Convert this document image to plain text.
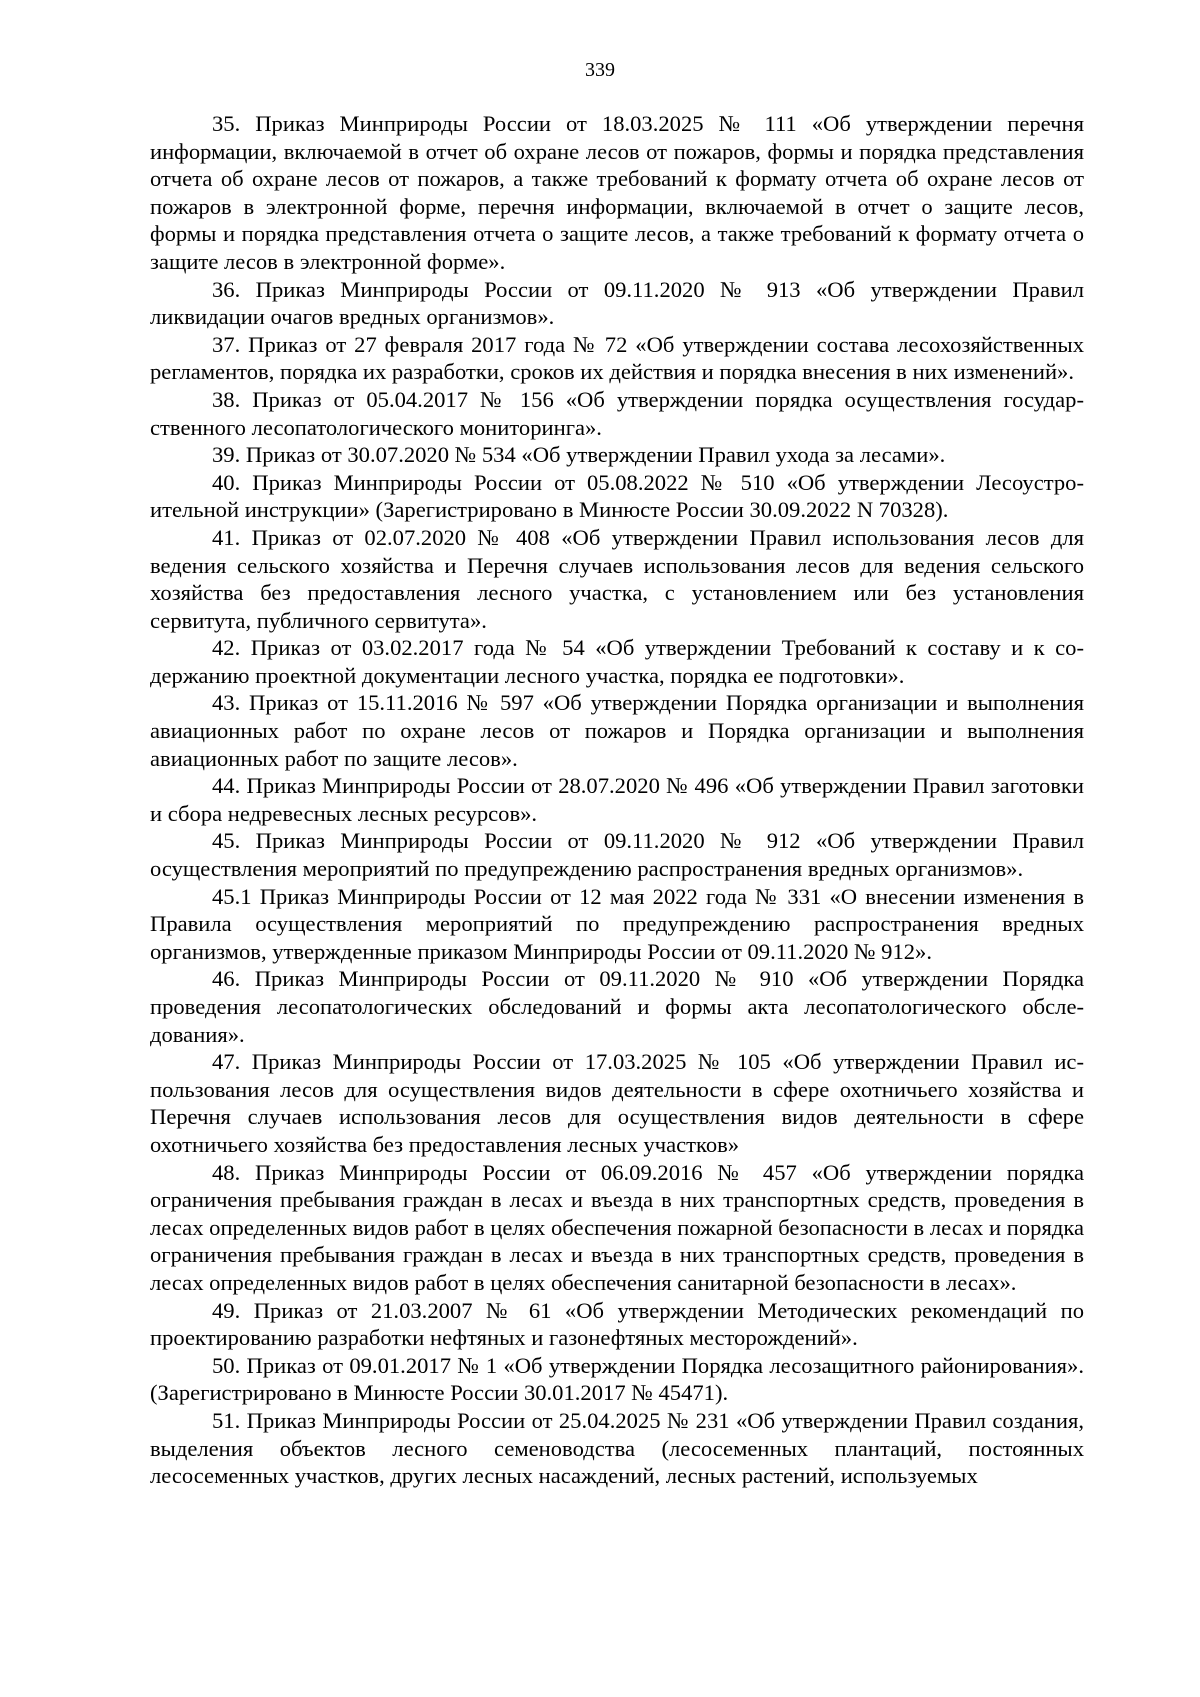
339

35. Приказ Минприроды России от 18.03.2025 № 111 «Об утверждении перечня информации, включаемой в отчет об охране лесов от пожаров, формы и порядка представления отчета об охране лесов от пожаров, а также требований к формату отчета об охране лесов от пожаров в электронной форме, перечня информации, включаемой в отчет о защите лесов, формы и порядка представления отчета о защите лесов, а также требований к формату отчета о защите лесов в электронной форме».

36. Приказ Минприроды России от 09.11.2020 № 913 «Об утверждении Правил ликвидации очагов вредных организмов».

37. Приказ от 27 февраля 2017 года № 72 «Об утверждении состава лесохозяйственных регламентов, порядка их разработки, сроков их действия и порядка внесения в них изменений».

38. Приказ от 05.04.2017 № 156 «Об утверждении порядка осуществления государственного лесопатологического мониторинга».

39. Приказ от 30.07.2020 № 534 «Об утверждении Правил ухода за лесами».

40. Приказ Минприроды России от 05.08.2022 № 510 «Об утверждении Лесоустроительной инструкции» (Зарегистрировано в Минюсте России 30.09.2022 N 70328).

41. Приказ от 02.07.2020 № 408 «Об утверждении Правил использования лесов для ведения сельского хозяйства и Перечня случаев использования лесов для ведения сельского хозяйства без предоставления лесного участка, с установлением или без установления сервитута, публичного сервитута».

42. Приказ от 03.02.2017 года № 54 «Об утверждении Требований к составу и к содержанию проектной документации лесного участка, порядка ее подготовки».

43. Приказ от 15.11.2016 № 597 «Об утверждении Порядка организации и выполнения авиационных работ по охране лесов от пожаров и Порядка организации и выполнения авиационных работ по защите лесов».

44. Приказ Минприроды России от 28.07.2020 № 496 «Об утверждении Правил заготовки и сбора недревесных лесных ресурсов».

45. Приказ Минприроды России от 09.11.2020 № 912 «Об утверждении Правил осуществления мероприятий по предупреждению распространения вредных организмов».

45.1 Приказ Минприроды России от 12 мая 2022 года № 331 «О внесении изменения в Правила осуществления мероприятий по предупреждению распространения вредных организмов, утвержденные приказом Минприроды России от 09.11.2020 № 912».

46. Приказ Минприроды России от 09.11.2020 № 910 «Об утверждении Порядка проведения лесопатологических обследований и формы акта лесопатологического обследования».

47. Приказ Минприроды России от 17.03.2025 № 105 «Об утверждении Правил использования лесов для осуществления видов деятельности в сфере охотничьего хозяйства и Перечня случаев использования лесов для осуществления видов деятельности в сфере охотничьего хозяйства без предоставления лесных участков»

48. Приказ Минприроды России от 06.09.2016 № 457 «Об утверждении порядка ограничения пребывания граждан в лесах и въезда в них транспортных средств, проведения в лесах определенных видов работ в целях обеспечения пожарной безопасности в лесах и порядка ограничения пребывания граждан в лесах и въезда в них транспортных средств, проведения в лесах определенных видов работ в целях обеспечения санитарной безопасности в лесах».

49. Приказ от 21.03.2007 № 61 «Об утверждении Методических рекомендаций по проектированию разработки нефтяных и газонефтяных месторождений».

50. Приказ от 09.01.2017 № 1 «Об утверждении Порядка лесозащитного районирования». (Зарегистрировано в Минюсте России 30.01.2017 № 45471).

51. Приказ Минприроды России от 25.04.2025 № 231 «Об утверждении Правил создания, выделения объектов лесного семеноводства (лесосеменных плантаций, постоянных лесосеменных участков, других лесных насаждений, лесных растений, используемых
